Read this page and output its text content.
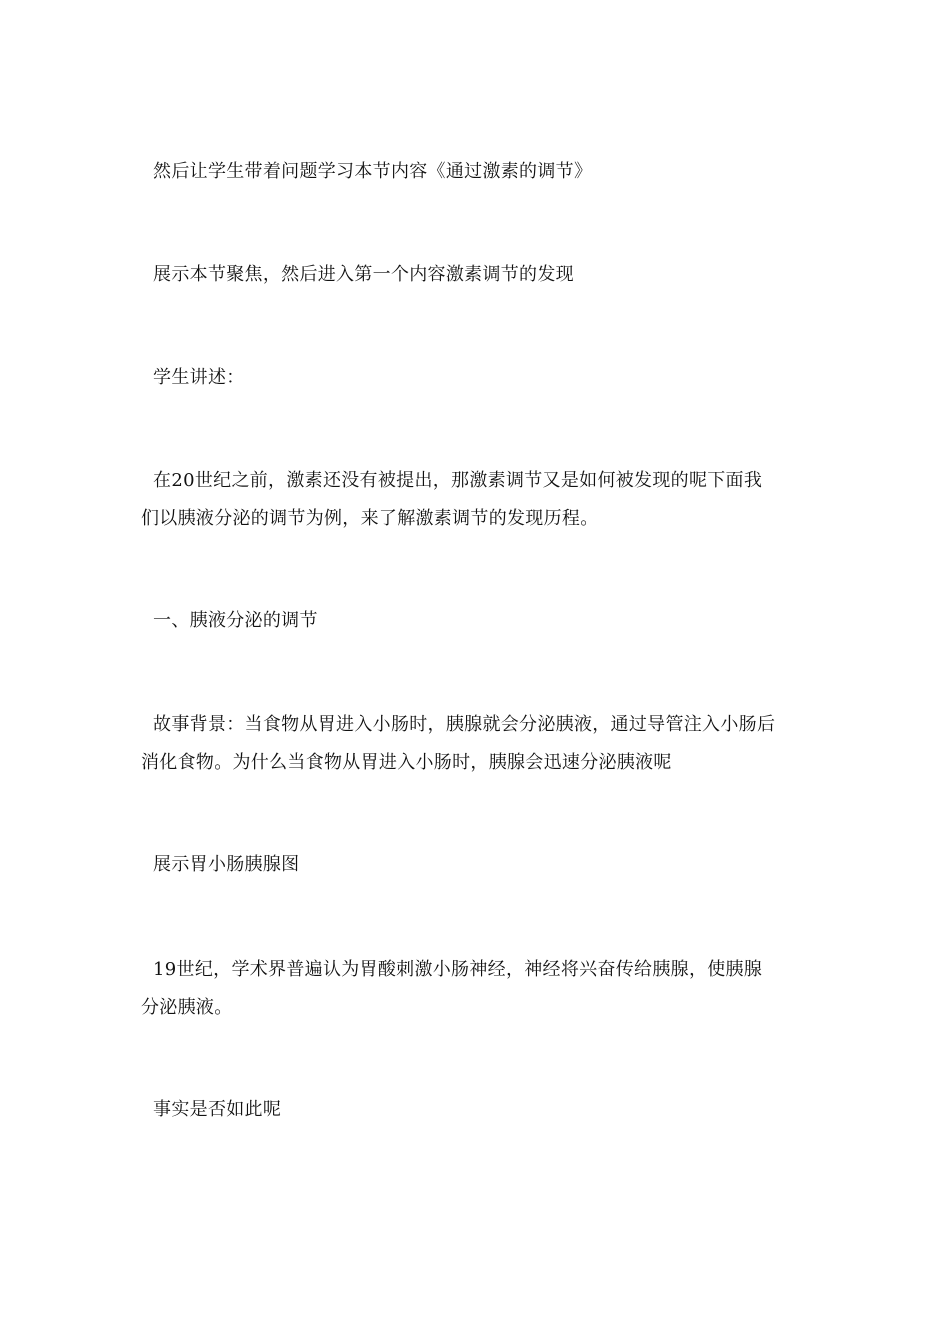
然后让学生带着问题学习本节内容《通过激素的调节》
展示本节聚焦，然后进入第一个内容激素调节的发现
学生讲述：
在20世纪之前，激素还没有被提出，那激素调节又是如何被发现的呢下面我
们以胰液分泌的调节为例，来了解激素调节的发现历程。
一、胰液分泌的调节
故事背景：当食物从胃进入小肠时，胰腺就会分泌胰液，通过导管注入小肠后
消化食物。为什么当食物从胃进入小肠时，胰腺会迅速分泌胰液呢
展示胃小肠胰腺图
19世纪，学术界普遍认为胃酸刺激小肠神经，神经将兴奋传给胰腺，使胰腺
分泌胰液。
事实是否如此呢
